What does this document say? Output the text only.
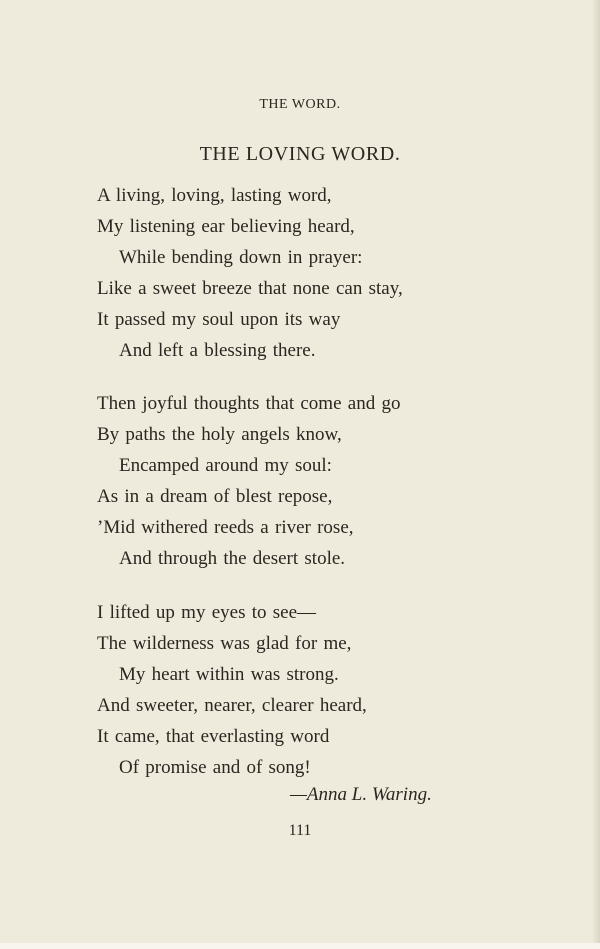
THE WORD.
THE LOVING WORD.
A living, loving, lasting word,
My listening ear believing heard,
While bending down in prayer:
Like a sweet breeze that none can stay,
It passed my soul upon its way
And left a blessing there.
Then joyful thoughts that come and go
By paths the holy angels know,
Encamped around my soul:
As in a dream of blest repose,
’Mid withered reeds a river rose,
And through the desert stole.
I lifted up my eyes to see—
The wilderness was glad for me,
My heart within was strong.
And sweeter, nearer, clearer heard,
It came, that everlasting word
Of promise and of song!
—Anna L. Waring.
111
